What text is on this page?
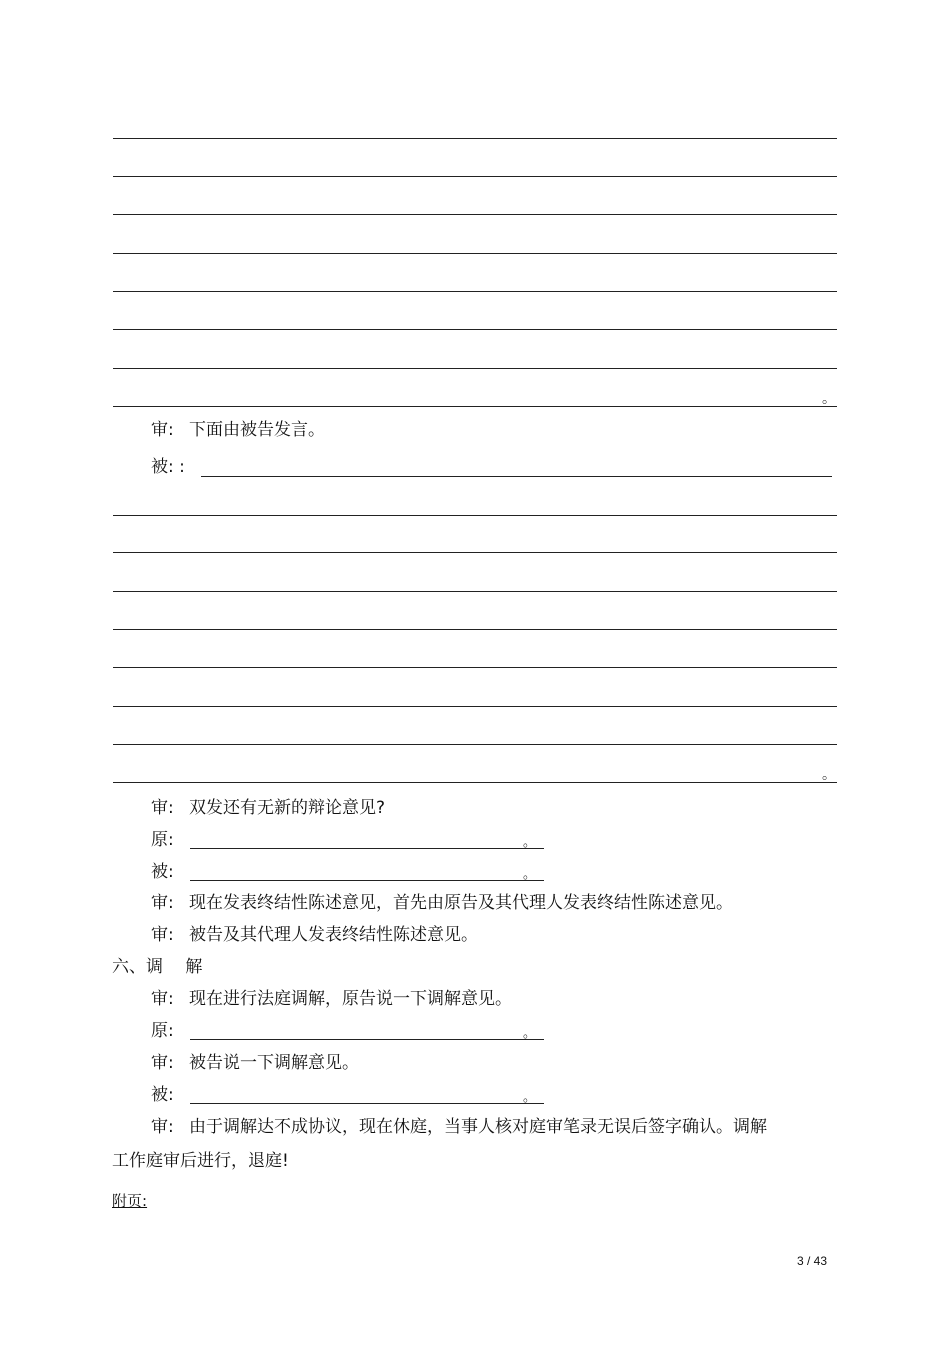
。
审: 下面由被告发言。
被: :
。
审: 双发还有无新的辩论意见?
原:	。
被:	。
审: 现在发表终结性陈述意见，首先由原告及其代理人发表终结性陈述意见。
审: 被告及其代理人发表终结性陈述意见。
六、调　 解
审: 现在进行法庭调解，原告说一下调解意见。
原:	。
审: 被告说一下调解意见。
被:	。
审: 由于调解达不成协议，现在休庭，当事人核对庭审笔录无误后签字确认。调解
工作庭审后进行，退庭!
附页:
3 / 43
